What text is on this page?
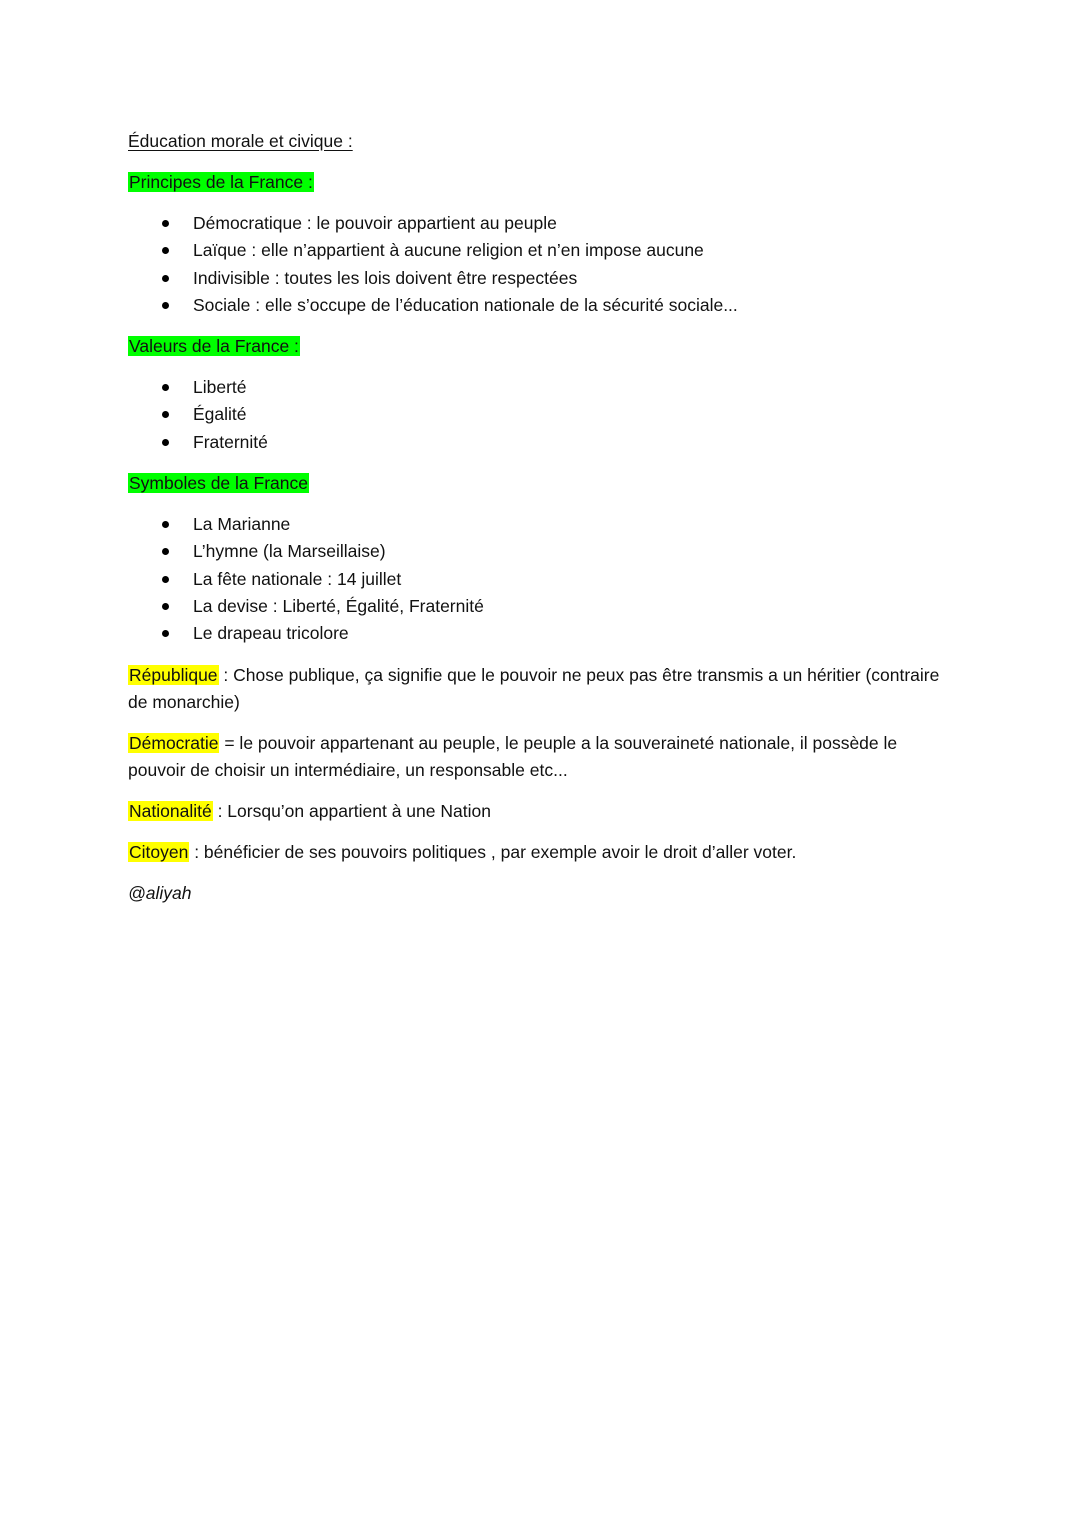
Éducation morale et civique :
Principes de la France :
Démocratique : le pouvoir appartient au peuple
Laïque : elle n’appartient à aucune religion et n’en impose aucune
Indivisible : toutes les lois doivent être respectées
Sociale : elle s’occupe de l’éducation nationale de la sécurité sociale...
Valeurs de la France :
Liberté
Égalité
Fraternité
Symboles de la France
La Marianne
L’hymne (la Marseillaise)
La fête nationale : 14 juillet
La devise : Liberté, Égalité, Fraternité
Le drapeau tricolore

République : Chose publique, ça signifie que le pouvoir ne peux pas être transmis a un héritier (contraire de monarchie)

Démocratie = le pouvoir appartenant au peuple, le peuple a la souveraineté nationale, il possède le pouvoir de choisir un intermédiaire, un responsable etc...

Nationalité : Lorsqu’on appartient à une Nation

Citoyen : bénéficier de ses pouvoirs politiques , par exemple avoir le droit d’aller voter.

@aliyah
